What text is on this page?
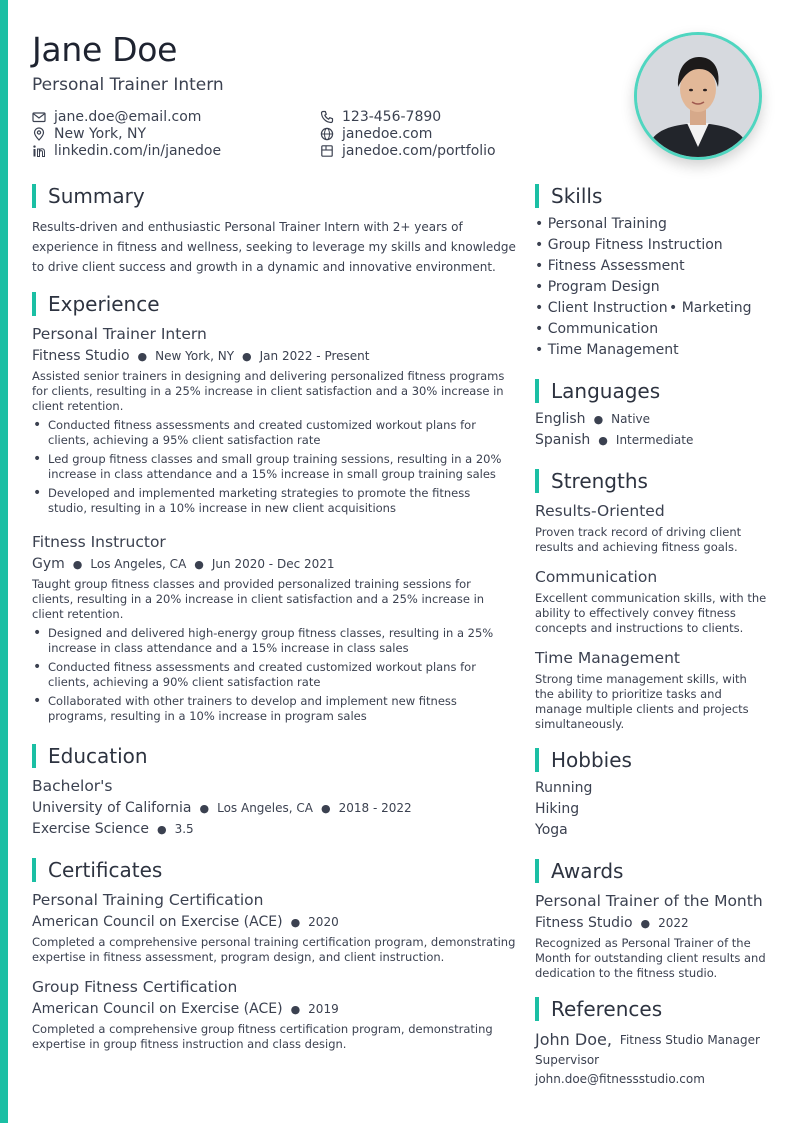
Jane Doe
Personal Trainer Intern
jane.doe@email.com
New York, NY
linkedin.com/in/janedoe
123-456-7890
janedoe.com
janedoe.com/portfolio
Summary
Results-driven and enthusiastic Personal Trainer Intern with 2+ years of experience in fitness and wellness, seeking to leverage my skills and knowledge to drive client success and growth in a dynamic and innovative environment.
Experience
Personal Trainer Intern
Fitness Studio ● New York, NY ● Jan 2022 - Present
Assisted senior trainers in designing and delivering personalized fitness programs for clients, resulting in a 25% increase in client satisfaction and a 30% increase in client retention.
• Conducted fitness assessments and created customized workout plans for clients, achieving a 95% client satisfaction rate
• Led group fitness classes and small group training sessions, resulting in a 20% increase in class attendance and a 15% increase in small group training sales
• Developed and implemented marketing strategies to promote the fitness studio, resulting in a 10% increase in new client acquisitions
Fitness Instructor
Gym ● Los Angeles, CA ● Jun 2020 - Dec 2021
Taught group fitness classes and provided personalized training sessions for clients, resulting in a 20% increase in client satisfaction and a 25% increase in client retention.
• Designed and delivered high-energy group fitness classes, resulting in a 25% increase in class attendance and a 15% increase in class sales
• Conducted fitness assessments and created customized workout plans for clients, achieving a 90% client satisfaction rate
• Collaborated with other trainers to develop and implement new fitness programs, resulting in a 10% increase in program sales
Education
Bachelor's
University of California ● Los Angeles, CA ● 2018 - 2022
Exercise Science ● 3.5
Certificates
Personal Training Certification
American Council on Exercise (ACE) ● 2020
Completed a comprehensive personal training certification program, demonstrating expertise in fitness assessment, program design, and client instruction.
Group Fitness Certification
American Council on Exercise (ACE) ● 2019
Completed a comprehensive group fitness certification program, demonstrating expertise in group fitness instruction and class design.
Skills
• Personal Training
• Group Fitness Instruction
• Fitness Assessment
• Program Design
• Client Instruction • Marketing
• Communication
• Time Management
Languages
English ● Native
Spanish ● Intermediate
Strengths
Results-Oriented
Proven track record of driving client results and achieving fitness goals.
Communication
Excellent communication skills, with the ability to effectively convey fitness concepts and instructions to clients.
Time Management
Strong time management skills, with the ability to prioritize tasks and manage multiple clients and projects simultaneously.
Hobbies
Running
Hiking
Yoga
Awards
Personal Trainer of the Month
Fitness Studio ● 2022
Recognized as Personal Trainer of the Month for outstanding client results and dedication to the fitness studio.
References
John Doe, Fitness Studio Manager
Supervisor
john.doe@fitnessstudio.com
